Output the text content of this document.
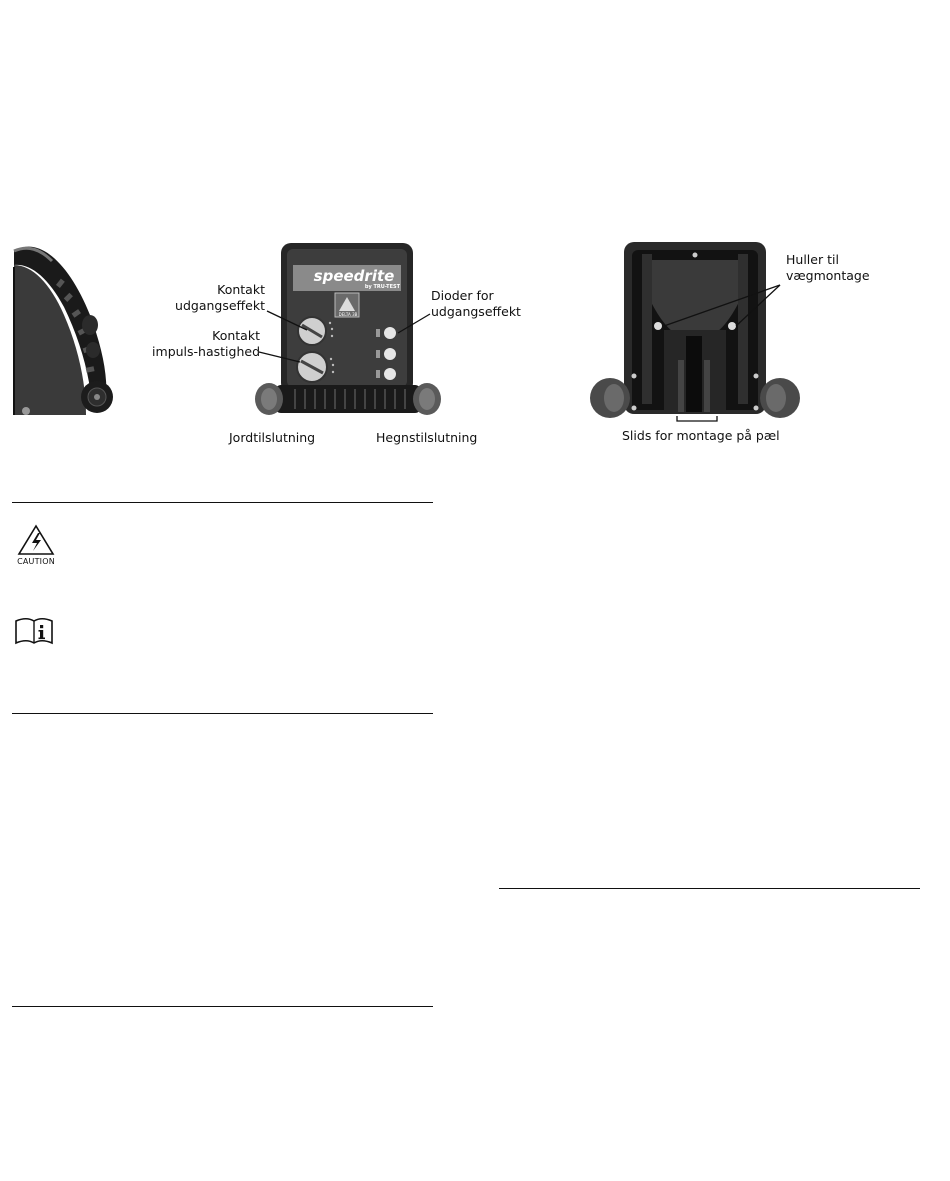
speedrite
by TRU-TEST
DELTA 3B
Kontakt
udgangseffekt
Kontakt
impuls-hastighed
Dioder for
udgangseffekt
Jordtilslutning	Hegnstilslutning
Huller til
vægmontage
Slids for montage på pæl
CAUTION
